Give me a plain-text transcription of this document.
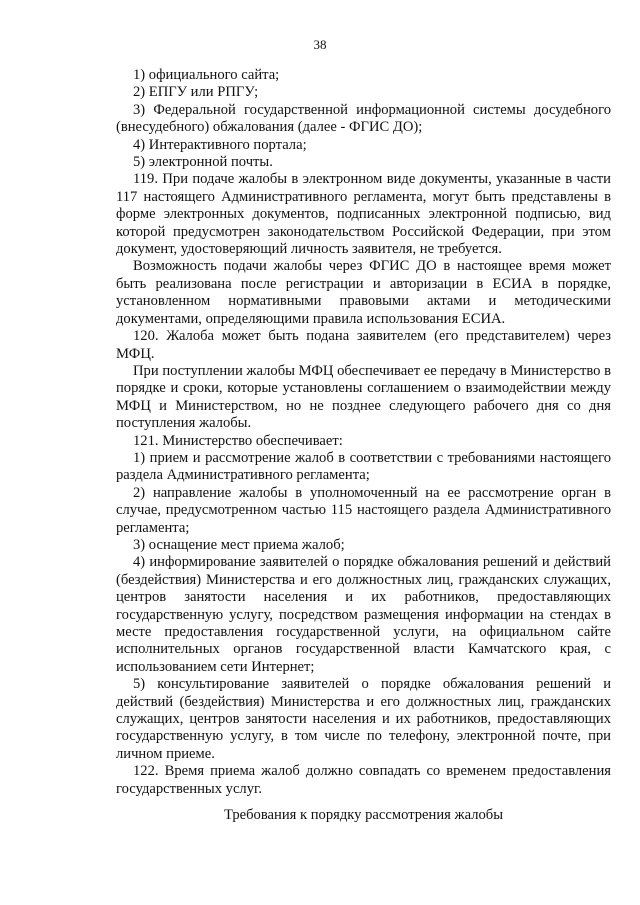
38

1) официального сайта;

2) ЕПГУ или РПГУ;

3) Федеральной государственной информационной системы досудебного (внесудебного) обжалования (далее - ФГИС ДО);

4) Интерактивного портала;

5) электронной почты.

119. При подаче жалобы в электронном виде документы, указанные в части 117 настоящего Административного регламента, могут быть представлены в форме электронных документов, подписанных электронной подписью, вид которой предусмотрен законодательством Российской Федерации, при этом документ, удостоверяющий личность заявителя, не требуется.

Возможность подачи жалобы через ФГИС ДО в настоящее время может быть реализована после регистрации и авторизации в ЕСИА в порядке, установленном нормативными правовыми актами и методическими документами, определяющими правила использования ЕСИА.

120. Жалоба может быть подана заявителем (его представителем) через МФЦ.

При поступлении жалобы МФЦ обеспечивает ее передачу в Министерство в порядке и сроки, которые установлены соглашением о взаимодействии между МФЦ и Министерством, но не позднее следующего рабочего дня со дня поступления жалобы.

121. Министерство обеспечивает:

1) прием и рассмотрение жалоб в соответствии с требованиями настоящего раздела Административного регламента;

2) направление жалобы в уполномоченный на ее рассмотрение орган в случае, предусмотренном частью 115 настоящего раздела Административного регламента;

3) оснащение мест приема жалоб;

4) информирование заявителей о порядке обжалования решений и действий (бездействия) Министерства и его должностных лиц, гражданских служащих, центров занятости населения и их работников, предоставляющих государственную услугу, посредством размещения информации на стендах в месте предоставления государственной услуги, на официальном сайте исполнительных органов государственной власти Камчатского края, с использованием сети Интернет;

5) консультирование заявителей о порядке обжалования решений и действий (бездействия) Министерства и его должностных лиц, гражданских служащих, центров занятости населения и их работников, предоставляющих государственную услугу, в том числе по телефону, электронной почте, при личном приеме.

122. Время приема жалоб должно совпадать со временем предоставления государственных услуг.

Требования к порядку рассмотрения жалобы
